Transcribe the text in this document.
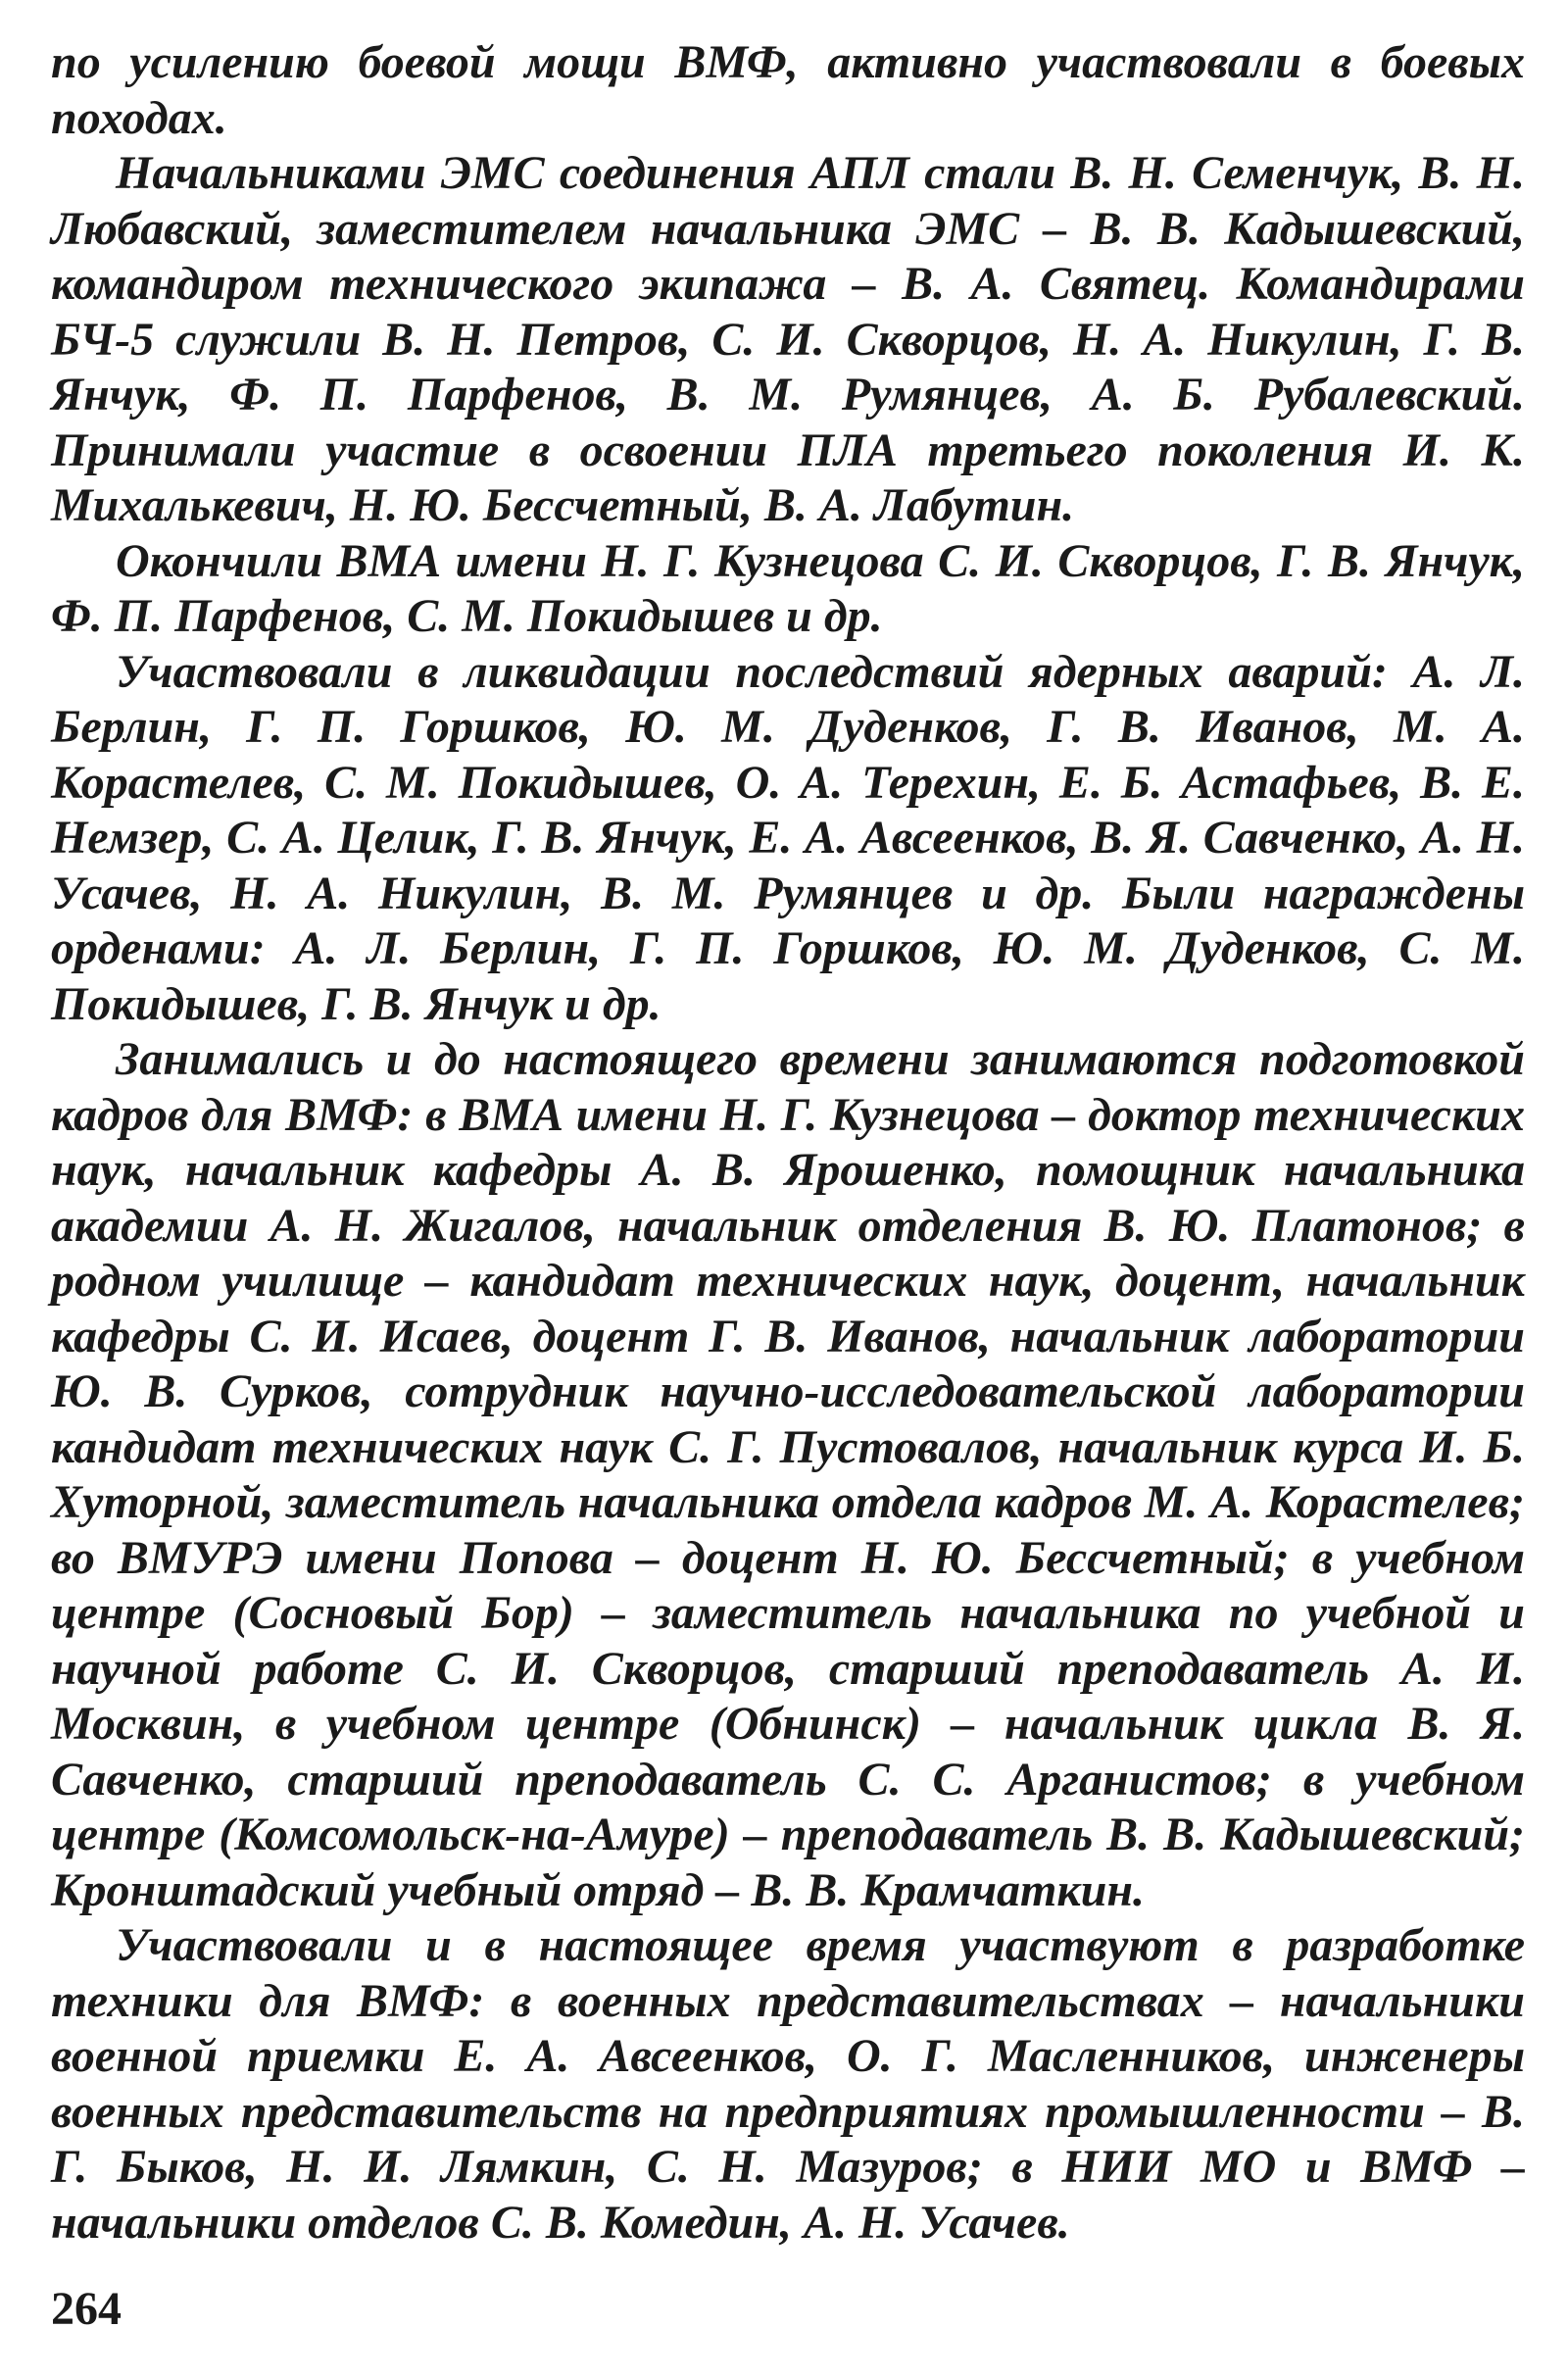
по усилению боевой мощи ВМФ, активно участвовали в боевых походах.

Начальниками ЭМС соединения АПЛ стали В. Н. Семенчук, В. Н. Любавский, заместителем начальника ЭМС – В. В. Кадышевский, командиром технического экипажа – В. А. Святец. Командирами БЧ-5 служили В. Н. Петров, С. И. Скворцов, Н. А. Никулин, Г. В. Янчук, Ф. П. Парфенов, В. М. Румянцев, А. Б. Рубалевский. Принимали участие в освоении ПЛА третьего поколения И. К. Михалькевич, Н. Ю. Бессчетный, В. А. Лабутин.

Окончили ВМА имени Н. Г. Кузнецова С. И. Скворцов, Г. В. Янчук, Ф. П. Парфенов, С. М. Покидышев и др.

Участвовали в ликвидации последствий ядерных аварий: А. Л. Берлин, Г. П. Горшков, Ю. М. Дуденков, Г. В. Иванов, М. А. Корастелев, С. М. Покидышев, О. А. Терехин, Е. Б. Астафьев, В. Е. Немзер, С. А. Целик, Г. В. Янчук, Е. А. Авсеенков, В. Я. Савченко, А. Н. Усачев, Н. А. Никулин, В. М. Румянцев и др. Были награждены орденами: А. Л. Берлин, Г. П. Горшков, Ю. М. Дуденков, С. М. Покидышев, Г. В. Янчук и др.

Занимались и до настоящего времени занимаются подготовкой кадров для ВМФ: в ВМА имени Н. Г. Кузнецова – доктор технических наук, начальник кафедры А. В. Ярошенко, помощник начальника академии А. Н. Жигалов, начальник отделения В. Ю. Платонов; в родном училище – кандидат технических наук, доцент, начальник кафедры С. И. Исаев, доцент Г. В. Иванов, начальник лаборатории Ю. В. Сурков, сотрудник научно-исследовательской лаборатории кандидат технических наук С. Г. Пустовалов, начальник курса И. Б. Хуторной, заместитель начальника отдела кадров М. А. Корастелев; во ВМУРЭ имени Попова – доцент Н. Ю. Бессчетный; в учебном центре (Сосновый Бор) – заместитель начальника по учебной и научной работе С. И. Скворцов, старший преподаватель А. И. Москвин, в учебном центре (Обнинск) – начальник цикла В. Я. Савченко, старший преподаватель С. С. Арганистов; в учебном центре (Комсомольск-на-Амуре) – преподаватель В. В. Кадышевский; Кронштадский учебный отряд – В. В. Крамчаткин.

Участвовали и в настоящее время участвуют в разработке техники для ВМФ: в военных представительствах – начальники военной приемки Е. А. Авсеенков, О. Г. Масленников, инженеры военных представительств на предприятиях промышленности – В. Г. Быков, Н. И. Лямкин, С. Н. Мазуров; в НИИ МО и ВМФ – начальники отделов С. В. Комедин, А. Н. Усачев.

264
